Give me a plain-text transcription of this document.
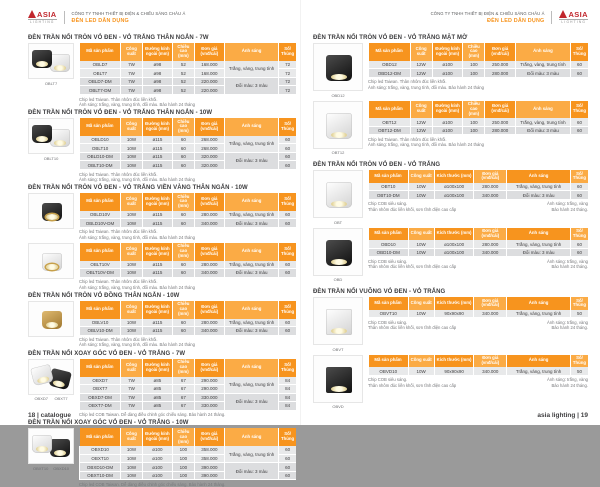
ASIA
LIGHTING
CÔNG TY TNHH THIẾT BỊ ĐIỆN & CHIẾU SÁNG CHÂU Á
ĐÈN LED DÂN DỤNG
ĐÈN TRẦN NỔI TRÒN VỎ ĐEN - VỎ TRẮNG THÂN NGẮN - 7W
OBLT7
Mã sản phẩm	Công suất	Đường kính ngoài (mm)	Chiều cao (mm)	Đơn giá (vnđ/cái)	Ánh sáng	Số/ Thùng
OBLD7	7W	ø98	52	168.000	Trắng, vàng, trung tính	72
OBLT7	7W	ø98	52	168.000		72
OBLD7-DM	7W	ø98	52	220.000	Đổi màu: 3 màu	72
OBLT7-DM	7W	ø98	52	220.000		72
Chip led Taiwan. Thân nhôm đúc liền khối.
Ánh sáng: trắng, vàng, trung tính, đổi màu. Bảo hành 24 tháng
ĐÈN TRẦN NỔI TRÒN VỎ ĐEN - VỎ TRẮNG THÂN NGẮN - 10W
OBLT10
Mã sản phẩm	Công suất	Đường kính ngoài (mm)	Chiều cao (mm)	Đơn giá (vnđ/cái)	Ánh sáng	Số/ Thùng
OBLD10	10W	ø115	60	268.000	Trắng, vàng, trung tính	60
OBLT10	10W	ø115	60	268.000		60
OBLD10-DM	10W	ø115	60	320.000	Đổi màu: 3 màu	60
OBLT10-DM	10W	ø115	60	320.000		60
Chip led Taiwan. Thân nhôm đúc liền khối.
Ánh sáng: trắng, vàng, trung tính, đổi màu. Bảo hành 24 tháng
ĐÈN TRẦN NỔI TRÒN VỎ ĐEN - VỎ TRẮNG VIỀN VÀNG THÂN NGẮN - 10W
Mã sản phẩm	Công suất	Đường kính ngoài (mm)	Chiều cao (mm)	Đơn giá (vnđ/cái)	Ánh sáng	Số/ Thùng
OBLD10V	10W	ø115	60	280.000	Trắng, vàng, trung tính	60
OBLD10V-DM	10W	ø115	60	340.000	Đổi màu: 3 màu	60
Chip led Taiwan. Thân nhôm đúc liền khối.
Ánh sáng: trắng, vàng, trung tính, đổi màu. Bảo hành 24 tháng
Mã sản phẩm	Công suất	Đường kính ngoài (mm)	Chiều cao (mm)	Đơn giá (vnđ/cái)	Ánh sáng	Số/ Thùng
OBLT10V	10W	ø115	60	280.000	Trắng, vàng, trung tính	60
OBLT10V-DM	10W	ø115	60	340.000	Đổi màu: 3 màu	60
Chip led Taiwan. Thân nhôm đúc liền khối.
Ánh sáng: trắng, vàng, trung tính, đổi màu. Bảo hành 24 tháng
ĐÈN TRẦN NỔI TRÒN VỎ ĐỒNG THÂN NGẮN - 10W
Mã sản phẩm	Công suất	Đường kính ngoài (mm)	Chiều cao (mm)	Đơn giá (vnđ/cái)	Ánh sáng	Số/ Thùng
OBLV10	10W	ø115	60	280.000	Trắng, vàng, trung tính	60
OBLV10-DM	10W	ø115	60	340.000	Đổi màu: 3 màu	60
Chip led Taiwan. Thân nhôm đúc liền khối.
Ánh sáng: trắng, vàng, trung tính, đổi màu. Bảo hành 24 tháng
ĐÈN TRẦN NỔI XOAY GÓC VỎ ĐEN - VỎ TRẮNG - 7W
OBXD7 OBXT7
Mã sản phẩm	Công suất	Đường kính ngoài (mm)	Chiều cao (mm)	Đơn giá (vnđ/cái)	Ánh sáng	Số/ Thùng
OBXD7	7W	ø85	67	290.000	Trắng, vàng, trung tính	84
OBXT7	7W	ø85	67	290.000		84
OBXD7-DM	7W	ø85	67	330.000	Đổi màu: 3 màu	84
OBXT7-DM	7W	ø85	67	330.000		84
Chip led COB Taiwan. Dễ dàng điều chỉnh góc chiếu sáng. Bảo hành 24 tháng.
ĐÈN TRẦN NỔI XOAY GÓC VỎ ĐEN - VỎ TRẮNG - 10W
OBXT10 OBXD10
Mã sản phẩm	Công suất	Đường kính ngoài (mm)	Chiều cao (mm)	Đơn giá (vnđ/cái)	Ánh sáng	Số/ Thùng
OBXD10	10W	ø100	100	358.000	Trắng, vàng, trung tính	60
OBXT10	10W	ø100	100	358.000		60
OBXD10-DM	10W	ø100	100	390.000	Đổi màu: 3 màu	60
OBXT10-DM	10W	ø100	100	390.000		60
Chip led COB Taiwan. Dễ dàng điều chỉnh góc chiếu sáng. Bảo hành 24 tháng.
18 | catalogue
CÔNG TY TNHH THIẾT BỊ ĐIỆN & CHIẾU SÁNG CHÂU Á
ĐÈN LED DÂN DỤNG
ASIA
LIGHTING
ĐÈN TRẦN NỔI TRÒN VỎ ĐEN - VỎ TRẮNG MẶT MỜ
OBD12
Mã sản phẩm	Công suất	Đường kính ngoài (mm)	Chiều cao (mm)	Đơn giá (vnđ/cái)	Ánh sáng	Số/ Thùng
OBD12	12W	ø100	100	250.000	Trắng, vàng, trung tính	60
OBD12-DM	12W	ø100	100	280.000	Đổi màu: 3 màu	60
Chip led Taiwan. Thân nhôm đúc liền khối.
Ánh sáng: trắng, vàng, trung tính, đổi màu. Bảo hành 24 tháng
OBT12
Mã sản phẩm	Công suất	Đường kính ngoài (mm)	Chiều cao (mm)	Đơn giá (vnđ/cái)	Ánh sáng	Số/ Thùng
OBT12	12W	ø100	100	250.000	Trắng, vàng, trung tính	60
OBT12-DM	12W	ø100	100	280.000	Đổi màu: 3 màu	60
Chip led Taiwan. Thân nhôm đúc liền khối.
Ánh sáng: trắng, vàng, trung tính, đổi màu. Bảo hành 24 tháng
ĐÈN TRẦN NỔI TRÒN VỎ ĐEN - VỎ TRẮNG
OBT
Mã sản phẩm	Công suất	Kích thước (mm)	Đơn giá (vnđ/cái)	Ánh sáng	Số/ Thùng
OBT10	10W	ø100x100	280.000	Trắng, vàng, trung tính	60
OBT10-DM	10W	ø100x100	340.000	Đổi màu: 3 màu	60
Chip COB siêu sáng.
Thân nhôm đúc liền khối, sơn tĩnh điện cao cấp
Ánh sáng: trắng, vàng
Bảo hành 24 tháng.
OBD
Mã sản phẩm	Công suất	Kích thước (mm)	Đơn giá (vnđ/cái)	Ánh sáng	Số/ Thùng
OBD10	10W	ø100x100	280.000	Trắng, vàng, trung tính	60
OBD10-DM	10W	ø100x100	340.000	Đổi màu: 3 màu	60
Chip COB siêu sáng.
Thân nhôm đúc liền khối, sơn tĩnh điện cao cấp
Ánh sáng: trắng, vàng
Bảo hành 24 tháng.
ĐÈN TRẦN NỔI VUÔNG VỎ ĐEN - VỎ TRẮNG
OBVT
Mã sản phẩm	Công suất	Kích thước (mm)	Đơn giá (vnđ/cái)	Ánh sáng	Số/ Thùng
OBVT10	10W	90x90x90	340.000	Trắng, vàng, trung tính	50
Chip COB siêu sáng.
Thân nhôm đúc liền khối, sơn tĩnh điện cao cấp
Ánh sáng: trắng, vàng
Bảo hành 24 tháng.
OBVD
Mã sản phẩm	Công suất	Kích thước (mm)	Đơn giá (vnđ/cái)	Ánh sáng	Số/ Thùng
OBVD10	10W	90x90x90	340.000	Trắng, vàng, trung tính	50
Chip COB siêu sáng.
Thân nhôm đúc liền khối, sơn tĩnh điện cao cấp
Ánh sáng: trắng, vàng
Bảo hành 24 tháng.
asia lighting | 19
